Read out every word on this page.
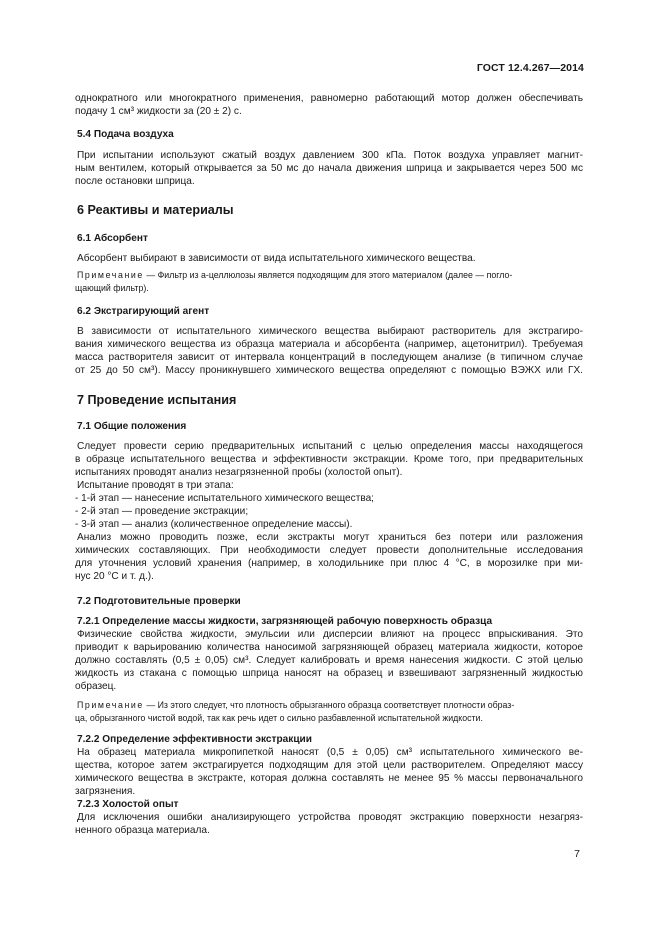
ГОСТ 12.4.267—2014
однократного или многократного применения, равномерно работающий мотор должен обеспечивать
подачу 1 см³ жидкости за (20 ± 2) с.
5.4 Подача воздуха
При испытании используют сжатый воздух давлением 300 кПа. Поток воздуха управляет магнит-
ным вентилем, который открывается за 50 мс до начала движения шприца и закрывается через 500 мс
после остановки шприца.
6 Реактивы и материалы
6.1 Абсорбент
Абсорбент выбирают в зависимости от вида испытательного химического вещества.
Примечание — Фильтр из а-целлюлозы является подходящим для этого материалом (далее — погло-
щающий фильтр).
6.2 Экстрагирующий агент
В зависимости от испытательного химического вещества выбирают растворитель для экстрагиро-
вания химического вещества из образца материала и абсорбента (например, ацетонитрил). Требуемая
масса растворителя зависит от интервала концентраций в последующем анализе (в типичном случае
от 25 до 50 см³). Массу проникнувшего химического вещества определяют с помощью ВЭЖХ или ГХ.
7 Проведение испытания
7.1 Общие положения
Следует провести серию предварительных испытаний с целью определения массы находящегося
в образце испытательного вещества и эффективности экстракции. Кроме того, при предварительных
испытаниях проводят анализ незагрязненной пробы (холостой опыт).
Испытание проводят в три этапа:
- 1-й этап — нанесение испытательного химического вещества;
- 2-й этап — проведение экстракции;
- 3-й этап — анализ (количественное определение массы).
Анализ можно проводить позже, если экстракты могут храниться без потери или разложения
химических составляющих. При необходимости следует провести дополнительные исследования
для уточнения условий хранения (например, в холодильнике при плюс 4 °С, в морозилке при ми-
нус 20 °С и т. д.).
7.2 Подготовительные проверки
7.2.1 Определение массы жидкости, загрязняющей рабочую поверхность образца
Физические свойства жидкости, эмульсии или дисперсии влияют на процесс впрыскивания. Это
приводит к варьированию количества наносимой загрязняющей образец материала жидкости, которое
должно составлять (0,5 ± 0,05) см³. Следует калибровать и время нанесения жидкости. С этой целью
жидкость из стакана с помощью шприца наносят на образец и взвешивают загрязненный жидкостью
образец.
Примечание — Из этого следует, что плотность обрызганного образца соответствует плотности образ-
ца, обрызганного чистой водой, так как речь идет о сильно разбавленной испытательной жидкости.
7.2.2 Определение эффективности экстракции
На образец материала микропипеткой наносят (0,5 ± 0,05) см³ испытательного химического ве-
щества, которое затем экстрагируется подходящим для этой цели растворителем. Определяют массу
химического вещества в экстракте, которая должна составлять не менее 95 % массы первоначального
загрязнения.
7.2.3 Холостой опыт
Для исключения ошибки анализирующего устройства проводят экстракцию поверхности незагряз-
ненного образца материала.
7
